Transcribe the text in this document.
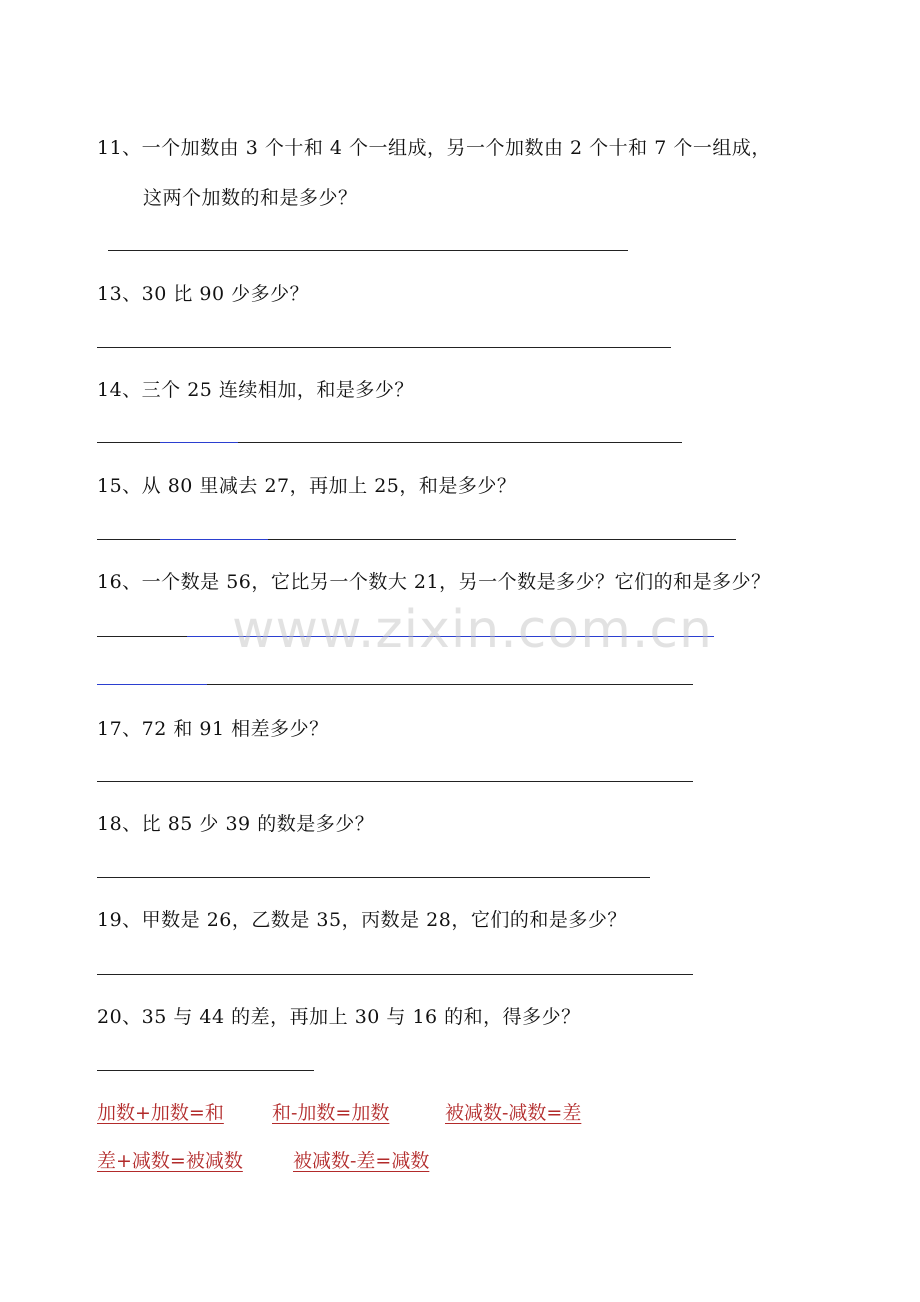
11、一个加数由 3 个十和 4 个一组成，另一个加数由 2 个十和 7 个一组成，
这两个加数的和是多少？
13、30 比 90 少多少？
14、三个 25 连续相加，和是多少？
15、从 80 里减去 27，再加上 25，和是多少？
16、一个数是 56，它比另一个数大 21，另一个数是多少？它们的和是多少？
www.zixin.com.cn
17、72 和 91 相差多少？
18、比 85 少 39 的数是多少？
19、甲数是 26，乙数是 35，丙数是 28，它们的和是多少？
20、35 与 44 的差，再加上 30 与 16 的和，得多少？
加数+加数=和	和-加数=加数	被减数-减数=差
差+减数=被减数	被减数-差=减数
